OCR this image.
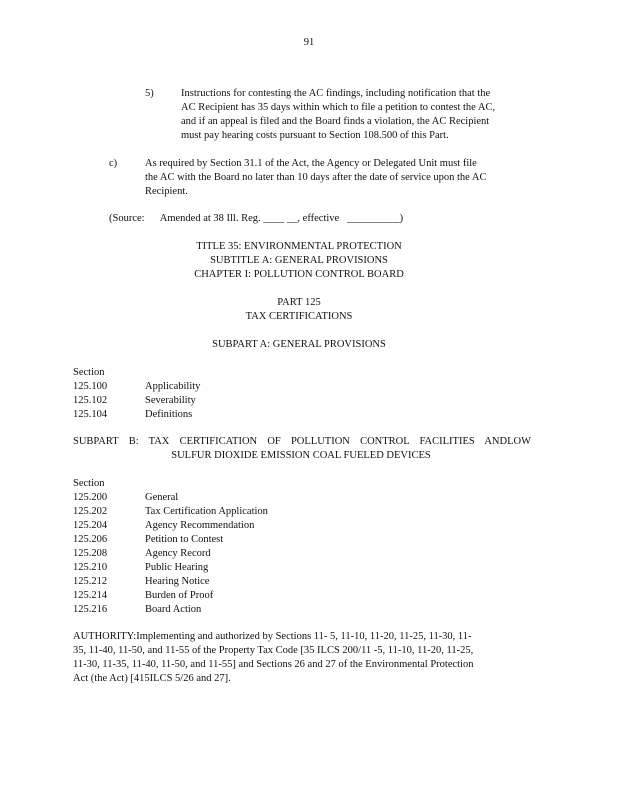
91
5)	Instructions for contesting the AC findings, including notification that the
AC Recipient has 35 days within which to file a petition to contest the AC,
and if an appeal is filed and the Board finds a violation, the AC Recipient
must pay hearing costs pursuant to Section 108.500 of this Part.
c)	As required by Section 31.1 of the Act, the Agency or Delegated Unit must file
the AC with the Board no later than 10 days after the date of service upon the AC
Recipient.
(Source: Amended at 38 Ill. Reg. ____ __, effective __________)
TITLE 35: ENVIRONMENTAL PROTECTION
SUBTITLE A: GENERAL PROVISIONS
CHAPTER I: POLLUTION CONTROL BOARD
PART 125
TAX CERTIFICATIONS
SUBPART A: GENERAL PROVISIONS
Section
125.100	Applicability
125.102	Severability
125.104	Definitions
SUBPART B: TAX CERTIFICATION OF POLLUTION CONTROL FACILITIES ANDLOW
SULFUR DIOXIDE EMISSION COAL FUELED DEVICES
Section
125.200	General
125.202	Tax Certification Application
125.204	Agency Recommendation
125.206	Petition to Contest
125.208	Agency Record
125.210	Public Hearing
125.212	Hearing Notice
125.214	Burden of Proof
125.216	Board Action
AUTHORITY:Implementing and authorized by Sections 11- 5, 11-10, 11-20, 11-25, 11-30, 11-
35, 11-40, 11-50, and 11-55 of the Property Tax Code [35 ILCS 200/11 -5, 11-10, 11-20, 11-25,
11-30, 11-35, 11-40, 11-50, and 11-55] and Sections 26 and 27 of the Environmental Protection
Act (the Act) [415ILCS 5/26 and 27].
